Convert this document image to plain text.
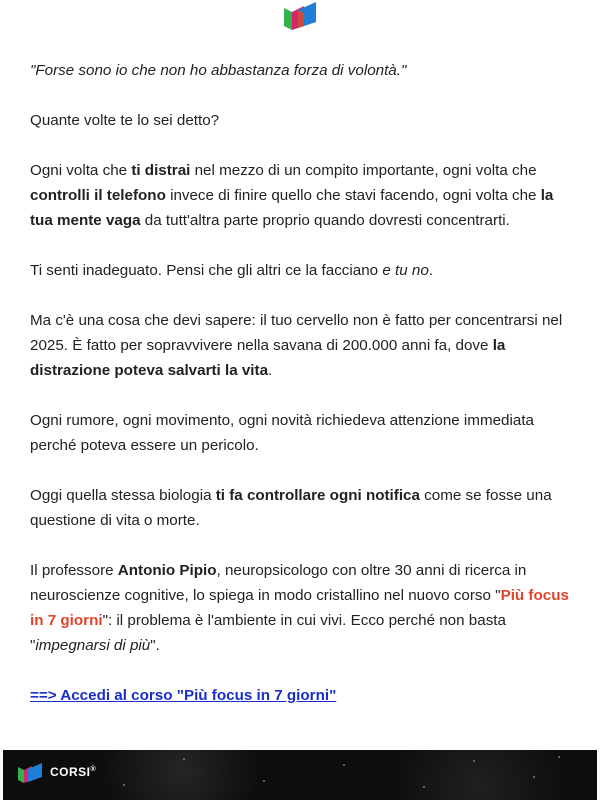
"Forse sono io che non ho abbastanza forza di volontà."

Quante volte te lo sei detto?

Ogni volta che ti distrai nel mezzo di un compito importante, ogni volta che controlli il telefono invece di finire quello che stavi facendo, ogni volta che la tua mente vaga da tutt'altra parte proprio quando dovresti concentrarti.

Ti senti inadeguato. Pensi che gli altri ce la facciano e tu no.

Ma c'è una cosa che devi sapere: il tuo cervello non è fatto per concentrarsi nel 2025. È fatto per sopravvivere nella savana di 200.000 anni fa, dove la distrazione poteva salvarti la vita.

Ogni rumore, ogni movimento, ogni novità richiedeva attenzione immediata perché poteva essere un pericolo.

Oggi quella stessa biologia ti fa controllare ogni notifica come se fosse una questione di vita o morte.

Il professore Antonio Pipio, neuropsicologo con oltre 30 anni di ricerca in neuroscienze cognitive, lo spiega in modo cristallino nel nuovo corso "Più focus in 7 giorni": il problema è l'ambiente in cui vivi. Ecco perché non basta "impegnarsi di più".

==> Accedi al corso "Più focus in 7 giorni"

CORSI®
